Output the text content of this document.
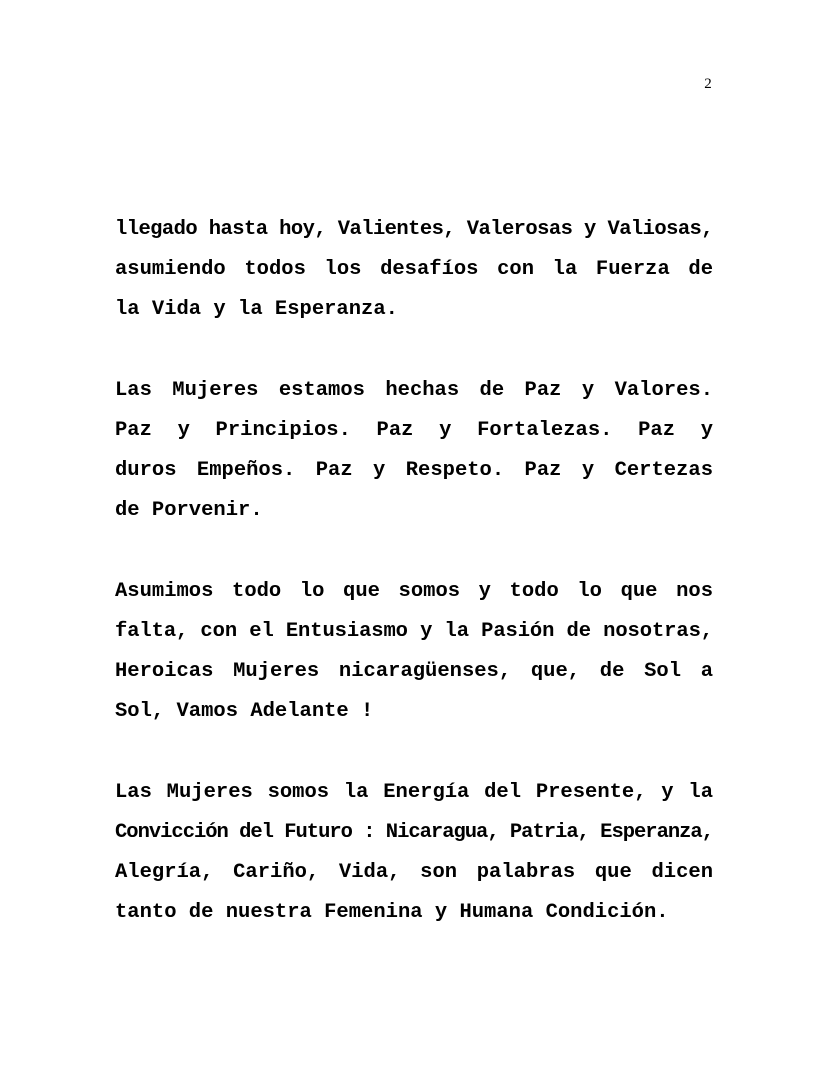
2
llegado hasta hoy, Valientes, Valerosas y Valiosas,
asumiendo todos los desafíos con la Fuerza de
la Vida y la Esperanza.
Las Mujeres estamos hechas de Paz y Valores.
Paz y Principios. Paz y Fortalezas. Paz y
duros Empeños. Paz y Respeto. Paz y Certezas
de Porvenir.
Asumimos todo lo que somos y todo lo que nos
falta, con el Entusiasmo y la Pasión de nosotras,
Heroicas Mujeres nicaragüenses, que, de Sol a
Sol, Vamos Adelante !
Las Mujeres somos la Energía del Presente, y la
Convicción del Futuro : Nicaragua, Patria, Esperanza,
Alegría, Cariño, Vida, son palabras que dicen
tanto de nuestra Femenina y Humana Condición.
